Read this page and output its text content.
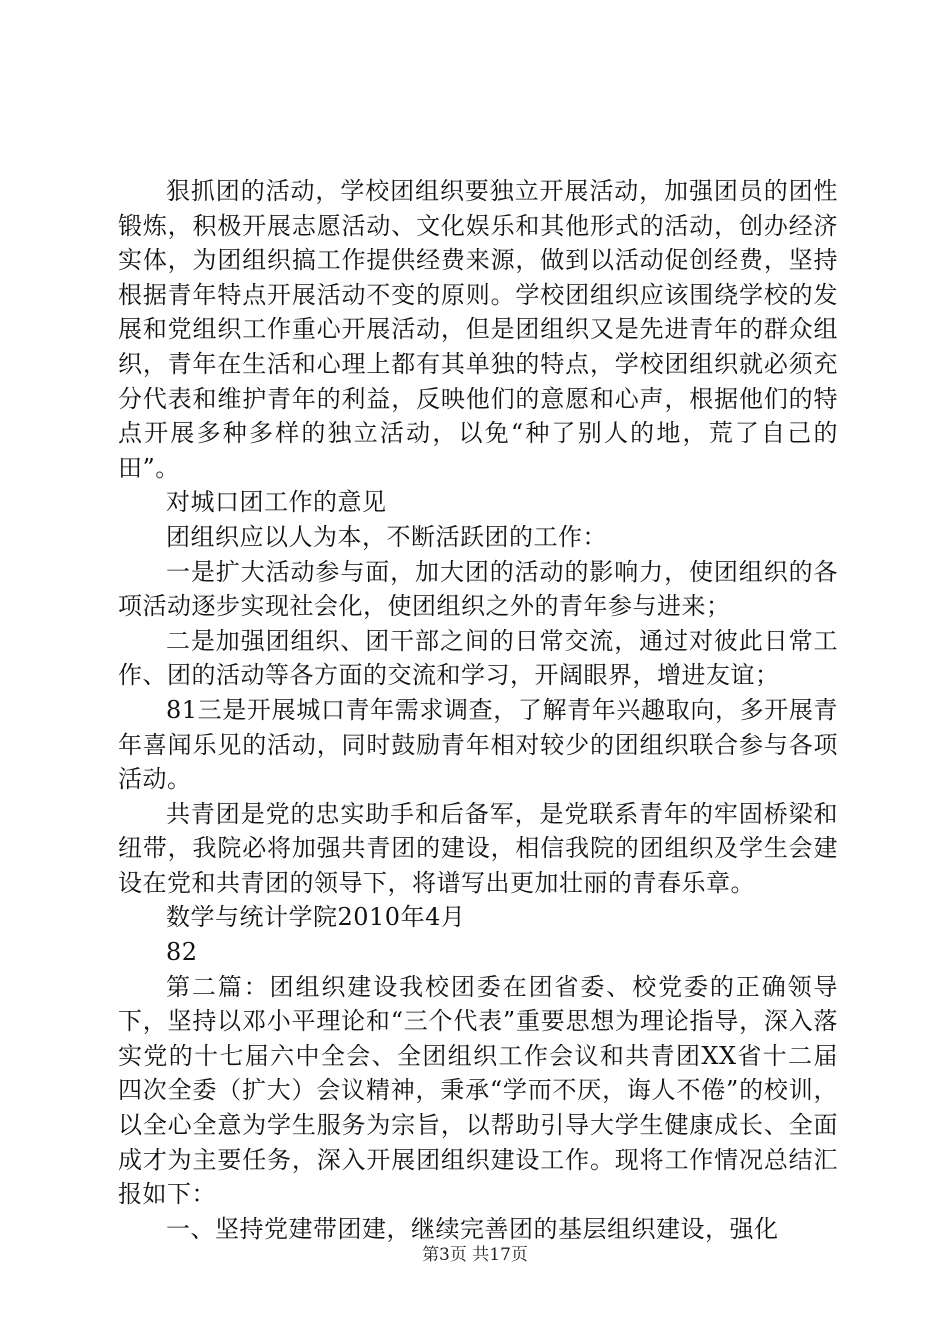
狠抓团的活动，学校团组织要独立开展活动，加强团员的团性锻炼，积极开展志愿活动、文化娱乐和其他形式的活动，创办经济实体，为团组织搞工作提供经费来源，做到以活动促创经费，坚持根据青年特点开展活动不变的原则。学校团组织应该围绕学校的发展和党组织工作重心开展活动，但是团组织又是先进青年的群众组织，青年在生活和心理上都有其单独的特点，学校团组织就必须充分代表和维护青年的利益，反映他们的意愿和心声，根据他们的特点开展多种多样的独立活动，以免“种了别人的地，荒了自己的田”。

对城口团工作的意见

团组织应以人为本，不断活跃团的工作：

一是扩大活动参与面，加大团的活动的影响力，使团组织的各项活动逐步实现社会化，使团组织之外的青年参与进来；

二是加强团组织、团干部之间的日常交流，通过对彼此日常工作、团的活动等各方面的交流和学习，开阔眼界，增进友谊；

81三是开展城口青年需求调查，了解青年兴趣取向，多开展青年喜闻乐见的活动，同时鼓励青年相对较少的团组织联合参与各项活动。

共青团是党的忠实助手和后备军，是党联系青年的牢固桥梁和纽带，我院必将加强共青团的建设，相信我院的团组织及学生会建设在党和共青团的领导下，将谱写出更加壮丽的青春乐章。

数学与统计学院2010年4月

82

第二篇：团组织建设我校团委在团省委、校党委的正确领导下，坚持以邓小平理论和“三个代表”重要思想为理论指导，深入落实党的十七届六中全会、全团组织工作会议和共青团XX省十二届四次全委（扩大）会议精神，秉承“学而不厌，诲人不倦”的校训，以全心全意为学生服务为宗旨，以帮助引导大学生健康成长、全面成才为主要任务，深入开展团组织建设工作。现将工作情况总结汇报如下：

一、坚持党建带团建，继续完善团的基层组织建设，强化

第3页 共17页
